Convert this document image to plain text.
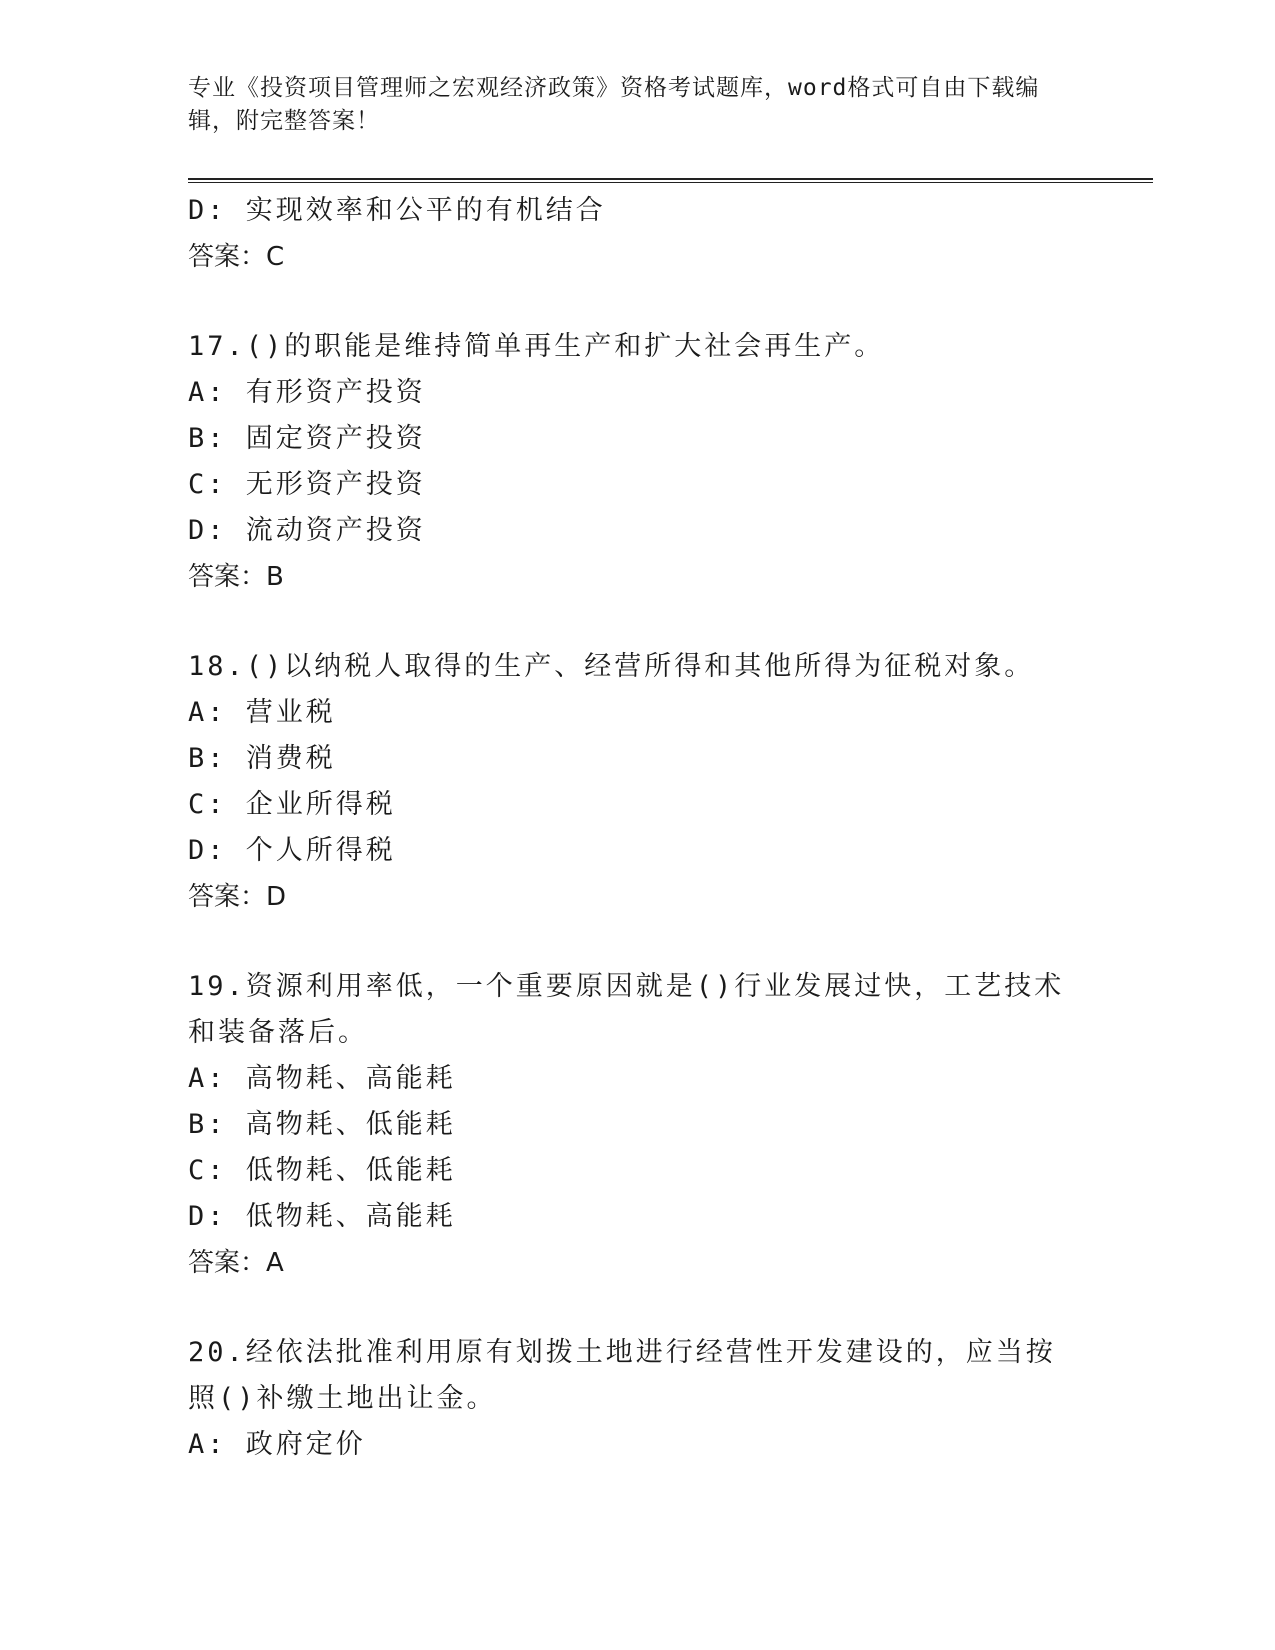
专业《投资项目管理师之宏观经济政策》资格考试题库，word格式可自由下载编辑，附完整答案！
D: 实现效率和公平的有机结合
答案：C
17.()的职能是维持简单再生产和扩大社会再生产。
A: 有形资产投资
B: 固定资产投资
C: 无形资产投资
D: 流动资产投资
答案：B
18.()以纳税人取得的生产、经营所得和其他所得为征税对象。
A: 营业税
B: 消费税
C: 企业所得税
D: 个人所得税
答案：D
19.资源利用率低，一个重要原因就是()行业发展过快，工艺技术和装备落后。
A: 高物耗、高能耗
B: 高物耗、低能耗
C: 低物耗、低能耗
D: 低物耗、高能耗
答案：A
20.经依法批准利用原有划拨土地进行经营性开发建设的，应当按照()补缴土地出让金。
A: 政府定价
